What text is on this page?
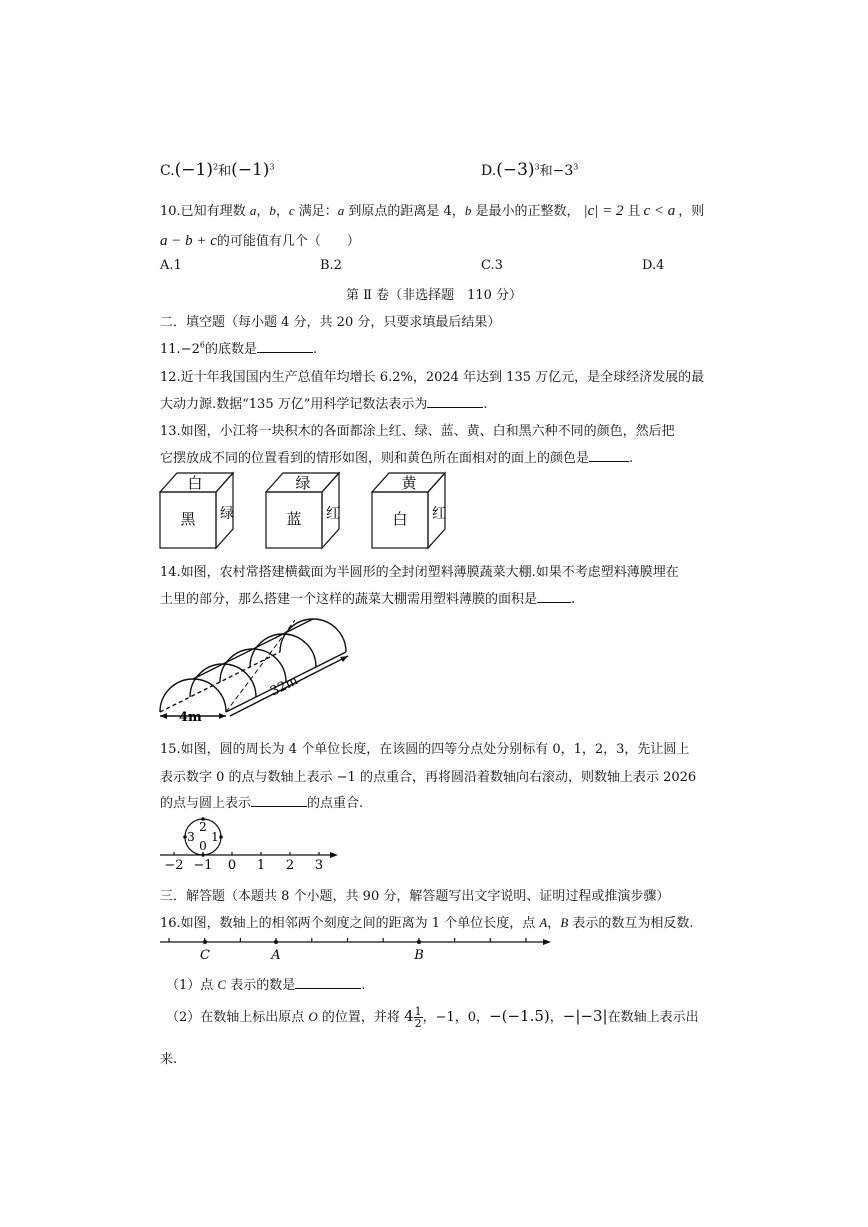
$C.(-1)^2$和$(-1)^3$	$D.(-3)^3$和$-3^3$
10.已知有理数 a，b，c 满足：a 到原点的距离是 4，b 是最小的正整数， |c| = 2 且 c < a ，则
a − b + c的可能值有几个（　　）
A.1	B.2	C.3	D.4
第 Ⅱ 卷（非选择题　110 分）
二．填空题（每小题 4 分，共 20 分，只要求填最后结果）
$11.-2^6$的底数是	.
12.近十年我国国内生产总值年均增长 6.2%，2024 年达到 135 万亿元，是全球经济发展的最
大动力源.数据“135 万亿”用科学记数法表示为	.
13.如图，小江将一块积木的各面都涂上红、绿、蓝、黄、白和黑六种不同的颜色，然后把
它摆放成不同的位置看到的情形如图，则和黄色所在面相对的面上的颜色是	.
白
黑 绿
绿
蓝 红
黄
白 红
14.如图，农村常搭建横截面为半圆形的全封闭塑料薄膜蔬菜大棚.如果不考虑塑料薄膜埋在
土里的部分，那么搭建一个这样的蔬菜大棚需用塑料薄膜的面积是	.
4m
32m
15.如图，圆的周长为 4 个单位长度，在该圆的四等分点处分别标有 0，1，2，3，先让圆上
表示数字 0 的点与数轴上表示 −1 的点重合，再将圆沿着数轴向右滚动，则数轴上表示 2026
的点与圆上表示	的点重合.
2
3 1
0
−2 −1 0 1 2 3
三．解答题（本题共 8 个小题，共 90 分，解答题写出文字说明、证明过程或推演步骤）
16.如图，数轴上的相邻两个刻度之间的距离为 1 个单位长度，点 A，B 表示的数互为相反数.
C	A	B
（1）点 C 表示的数是	.
（2）在数轴上标出原点 O 的位置，并将 $4 \frac{1}{2}$ ，−1，0，−(−1.5)，−|−3|在数轴上表示出
来.
